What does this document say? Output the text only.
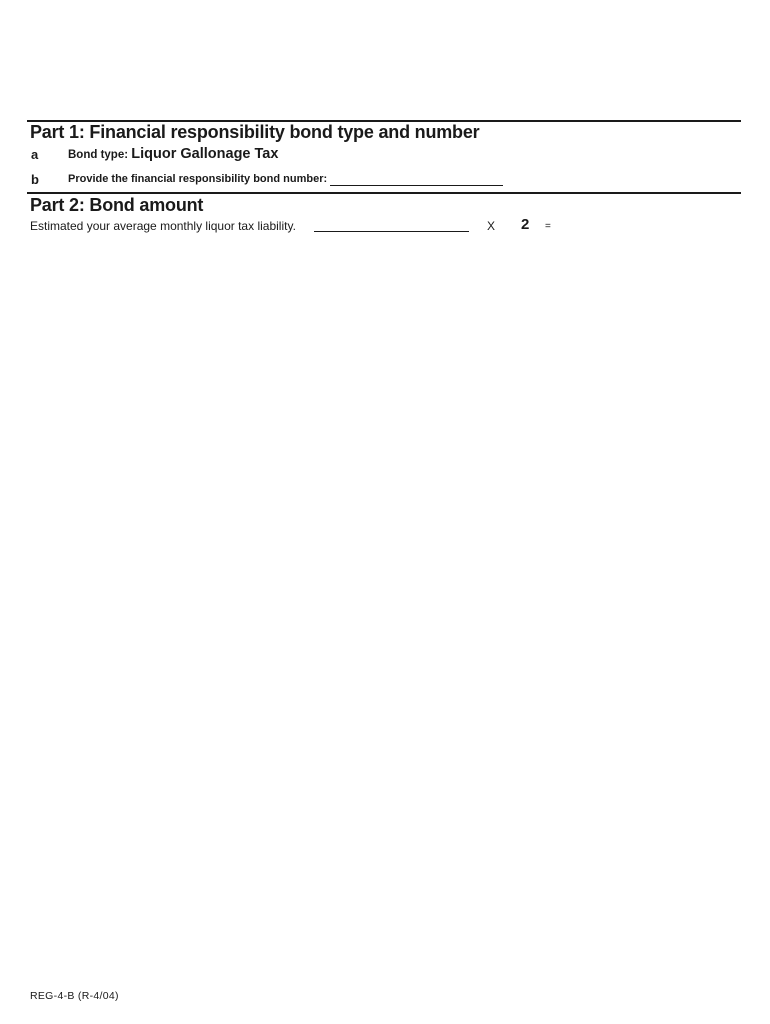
Part 1: Financial responsibility bond type and number
a	Bond type: Liquor Gallonage Tax
b	Provide the financial responsibility bond number:
Part 2: Bond amount
Estimated your average monthly liquor tax liability.	X 2 =
REG-4-B (R-4/04)
